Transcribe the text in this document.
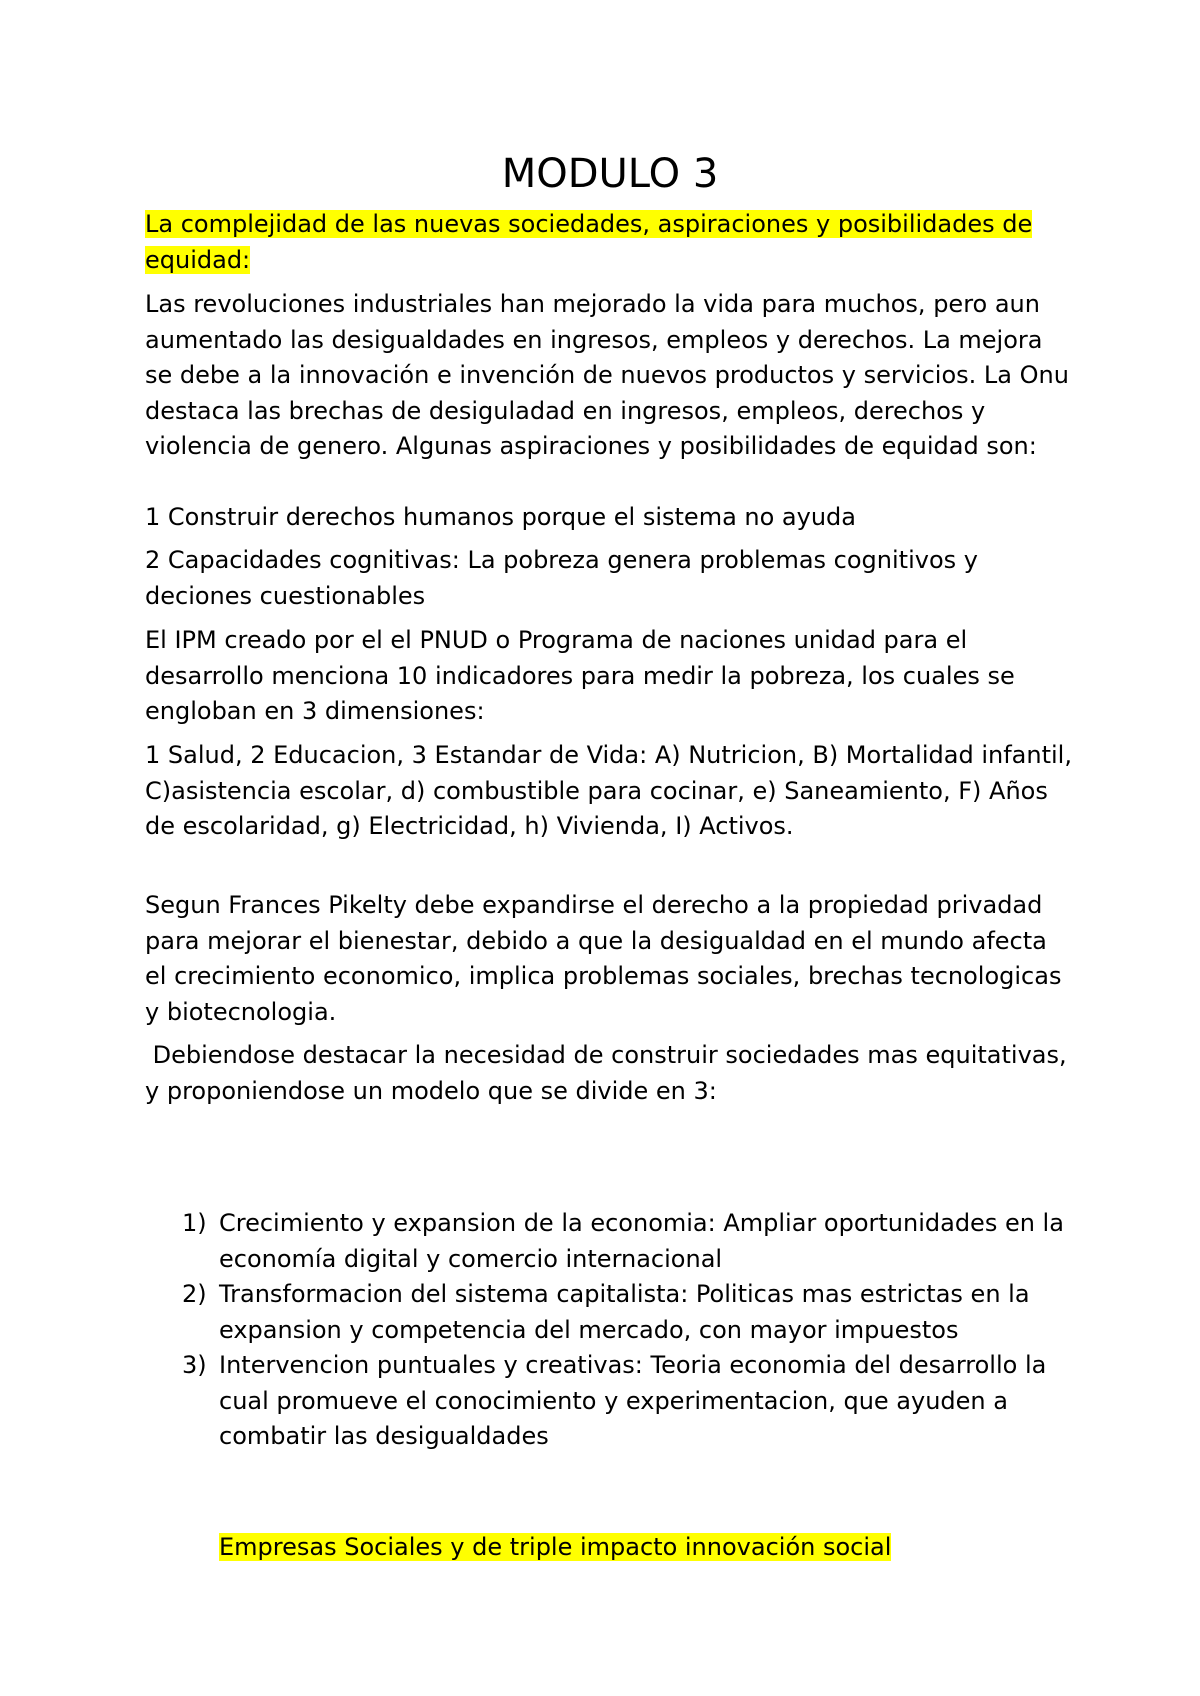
MODULO 3

La complejidad de las nuevas sociedades, aspiraciones y posibilidades de equidad:

Las revoluciones industriales han mejorado la vida para muchos, pero aun aumentado las desigualdades en ingresos, empleos y derechos. La mejora se debe a la innovación e invención de nuevos productos y servicios. La Onu destaca las brechas de desiguladad en ingresos, empleos, derechos y violencia de genero. Algunas aspiraciones y posibilidades de equidad son:

1 Construir derechos humanos porque el sistema no ayuda

2 Capacidades cognitivas: La pobreza genera problemas cognitivos y deciones cuestionables

El IPM creado por el el PNUD o Programa de naciones unidad para el desarrollo menciona 10 indicadores para medir la pobreza, los cuales se engloban en 3 dimensiones:

1 Salud, 2 Educacion, 3 Estandar de Vida: A) Nutricion, B) Mortalidad infantil, C)asistencia escolar, d) combustible para cocinar, e) Saneamiento, F) Años de escolaridad, g) Electricidad, h) Vivienda, I) Activos.

Segun Frances Pikelty debe expandirse el derecho a la propiedad privadad para mejorar el bienestar, debido a que la desigualdad en el mundo afecta el crecimiento economico, implica problemas sociales, brechas tecnologicas y biotecnologia.

Debiendose destacar la necesidad de construir sociedades mas equitativas, y proponiendose un modelo que se divide en 3:

1) Crecimiento y expansion de la economia: Ampliar oportunidades en la economía digital y comercio internacional
2) Transformacion del sistema capitalista: Politicas mas estrictas en la expansion y competencia del mercado, con mayor impuestos
3) Intervencion puntuales y creativas: Teoria economia del desarrollo la cual promueve el conocimiento y experimentacion, que ayuden a combatir las desigualdades

Empresas Sociales y de triple impacto innovación social
